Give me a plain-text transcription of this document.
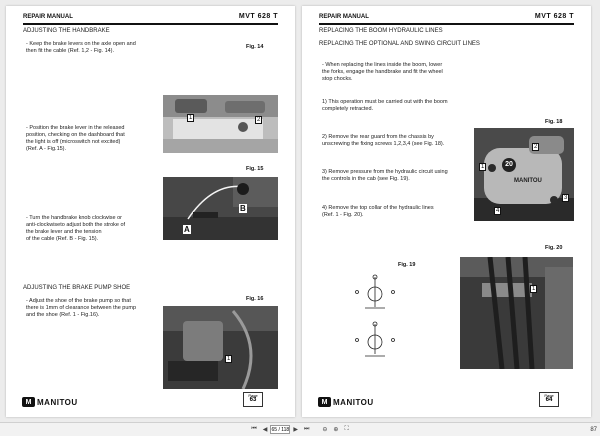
REPAIR MANUAL	MVT 628 T
ADJUSTING THE HANDBRAKE
- Keep the brake levers on the axle open and
then fit the cable (Ref. 1,2 - Fig. 14).
Fig. 14
1	2
- Position the brake lever in the released
position, checking on the dashboard that
the light is off (microswitch not excited)
(Ref. A - Fig.15).
Fig. 15
B
A
- Turn the handbrake knob clockwise or
anti-clockwiseto adjust both the stroke of
the brake lever and the tension
of the cable (Ref. B - Fig. 15).
ADJUSTING THE BRAKE PUMP SHOE
- Adjust the shoe of the brake pump so that
there is 1mm of clearance between the pump
and the shoe (Ref. 1 - Fig.16).
Fig. 16
1
M MANITOU
Page
63
REPAIR MANUAL	MVT 628 T
REPLACING THE BOOM HYDRAULIC LINES
REPLACING THE OPTIONAL AND SWING CIRCUIT LINES
- When replacing the lines inside the boom, lower
the forks, engage the handbrake and fit the wheel
stop chocks.
1) This operation must be carried out with the boom
completely retracted.
2) Remove the rear guard from the chassis by
unscrewing the fixing screws 1,2,3,4 (see Fig. 18).
3) Remove pressure from the hydraulic circuit using
the controls in the cab (see Fig. 19).
4) Remove the top collar of the hydraulic lines
(Ref. 1 - Fig. 20).
Fig. 18
20
MANITOU
1
2
3
4
Fig. 20
1
Fig. 19
M MANITOU
Page
64
⏮ ◀
65 / 118	▶ ⏭ ⊖ ⊕ ⛶	87
